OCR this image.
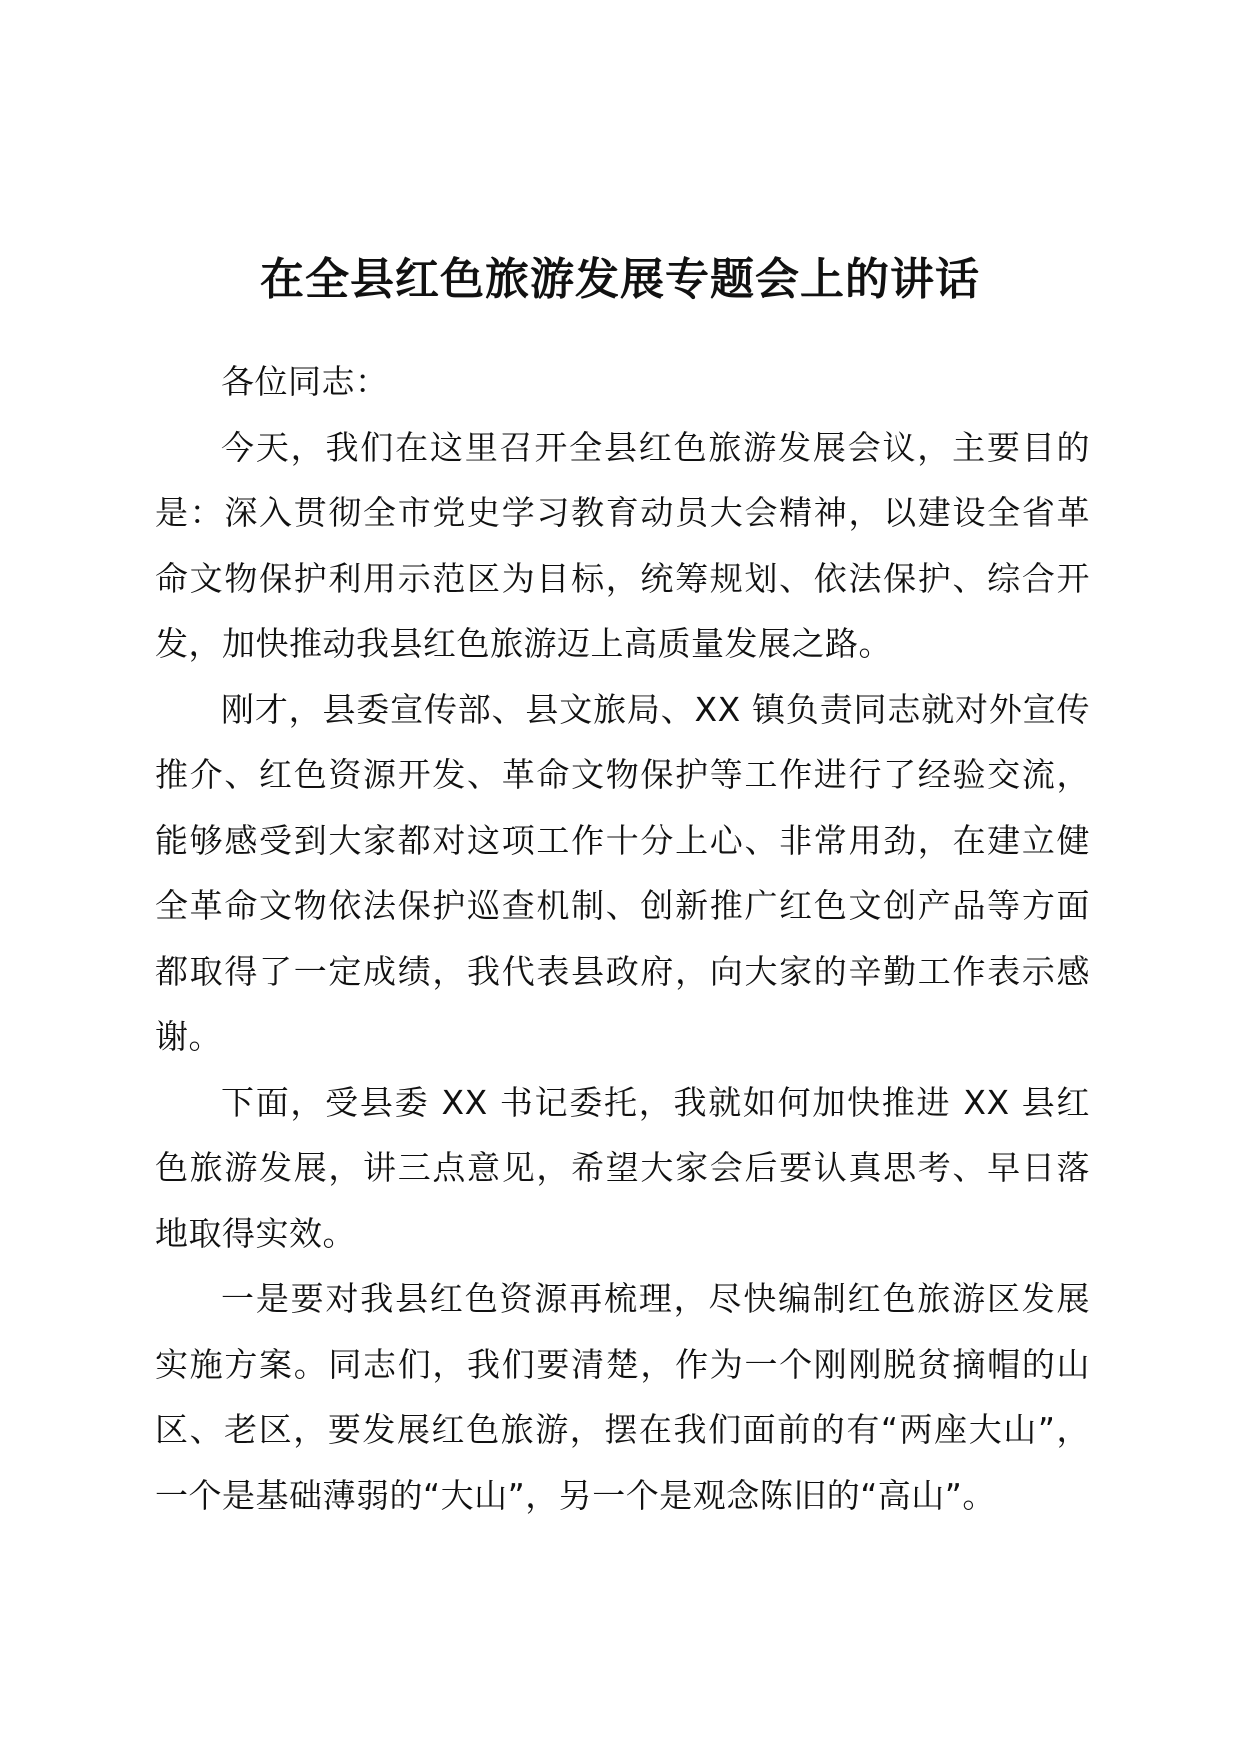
在全县红色旅游发展专题会上的讲话

各位同志：

今天，我们在这里召开全县红色旅游发展会议，主要目的是：深入贯彻全市党史学习教育动员大会精神，以建设全省革命文物保护利用示范区为目标，统筹规划、依法保护、综合开发，加快推动我县红色旅游迈上高质量发展之路。

刚才，县委宣传部、县文旅局、XX 镇负责同志就对外宣传推介、红色资源开发、革命文物保护等工作进行了经验交流，能够感受到大家都对这项工作十分上心、非常用劲，在建立健全革命文物依法保护巡查机制、创新推广红色文创产品等方面都取得了一定成绩，我代表县政府，向大家的辛勤工作表示感谢。

下面，受县委 XX 书记委托，我就如何加快推进 XX 县红色旅游发展，讲三点意见，希望大家会后要认真思考、早日落地取得实效。

一是要对我县红色资源再梳理，尽快编制红色旅游区发展实施方案。同志们，我们要清楚，作为一个刚刚脱贫摘帽的山区、老区，要发展红色旅游，摆在我们面前的有“两座大山”，一个是基础薄弱的“大山”，另一个是观念陈旧的“高山”。
